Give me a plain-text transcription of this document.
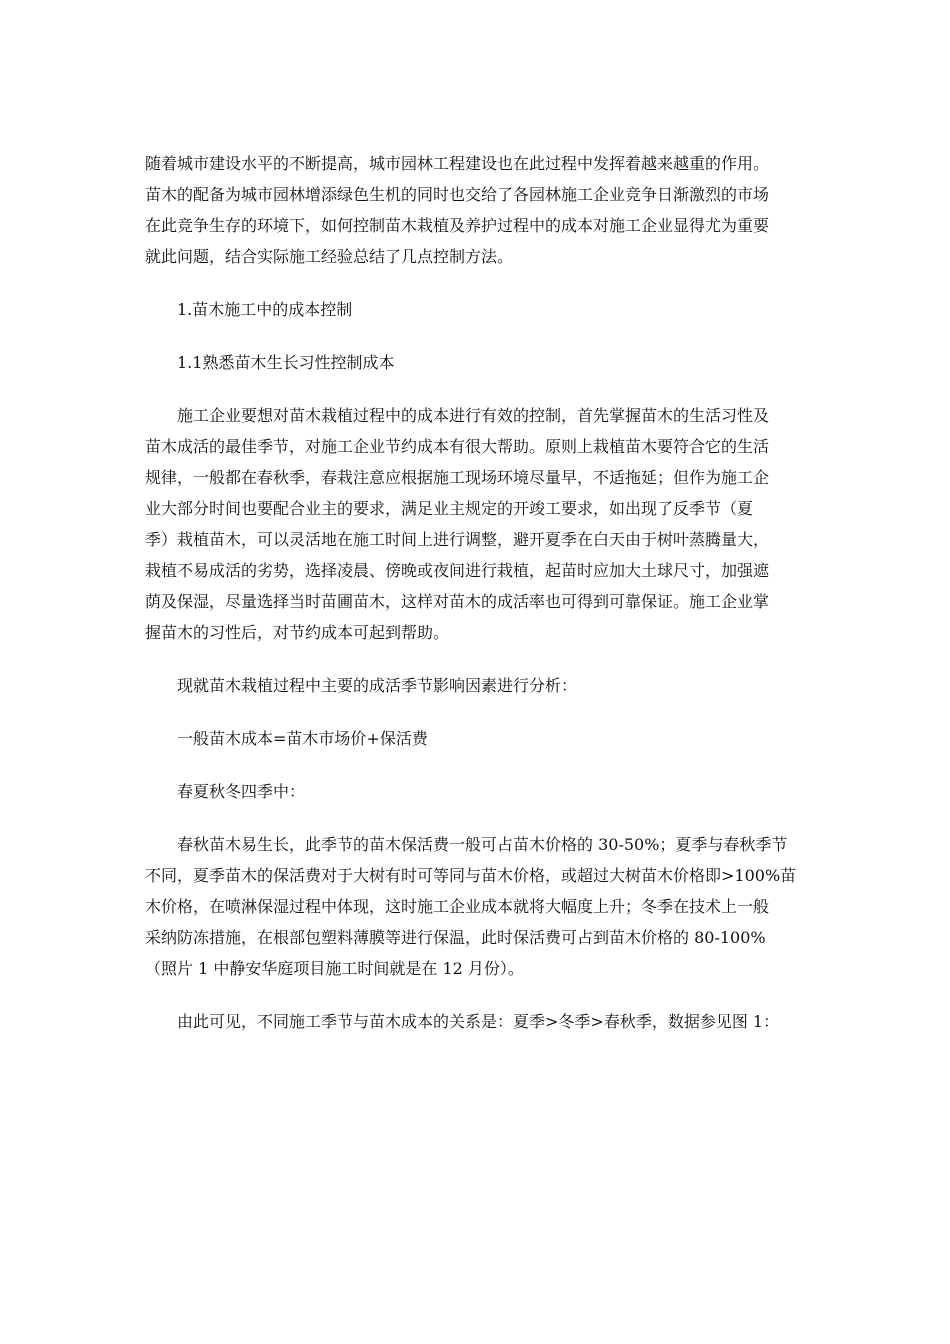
随着城市建设水平的不断提高，城市园林工程建设也在此过程中发挥着越来越重的作用。
苗木的配备为城市园林增添绿色生机的同时也交给了各园林施工企业竞争日渐激烈的市场
在此竞争生存的环境下，如何控制苗木栽植及养护过程中的成本对施工企业显得尤为重要
就此问题，结合实际施工经验总结了几点控制方法。
1.苗木施工中的成本控制
1.1熟悉苗木生长习性控制成本
施工企业要想对苗木栽植过程中的成本进行有效的控制，首先掌握苗木的生活习性及
苗木成活的最佳季节，对施工企业节约成本有很大帮助。原则上栽植苗木要符合它的生活
规律，一般都在春秋季，春栽注意应根据施工现场环境尽量早，不适拖延；但作为施工企
业大部分时间也要配合业主的要求，满足业主规定的开竣工要求，如出现了反季节（夏
季）栽植苗木，可以灵活地在施工时间上进行调整，避开夏季在白天由于树叶蒸腾量大，
栽植不易成活的劣势，选择凌晨、傍晚或夜间进行栽植，起苗时应加大土球尺寸，加强遮
荫及保湿，尽量选择当时苗圃苗木，这样对苗木的成活率也可得到可靠保证。施工企业掌
握苗木的习性后，对节约成本可起到帮助。
现就苗木栽植过程中主要的成活季节影响因素进行分析：
一般苗木成本=苗木市场价+保活费
春夏秋冬四季中：
春秋苗木易生长，此季节的苗木保活费一般可占苗木价格的 30-50%；夏季与春秋季节
不同，夏季苗木的保活费对于大树有时可等同与苗木价格，或超过大树苗木价格即>100%苗
木价格，在喷淋保湿过程中体现，这时施工企业成本就将大幅度上升；冬季在技术上一般
采纳防冻措施，在根部包塑料薄膜等进行保温，此时保活费可占到苗木价格的 80-100%
（照片 1 中静安华庭项目施工时间就是在 12 月份）。
由此可见，不同施工季节与苗木成本的关系是：夏季>冬季>春秋季，数据参见图 1：
